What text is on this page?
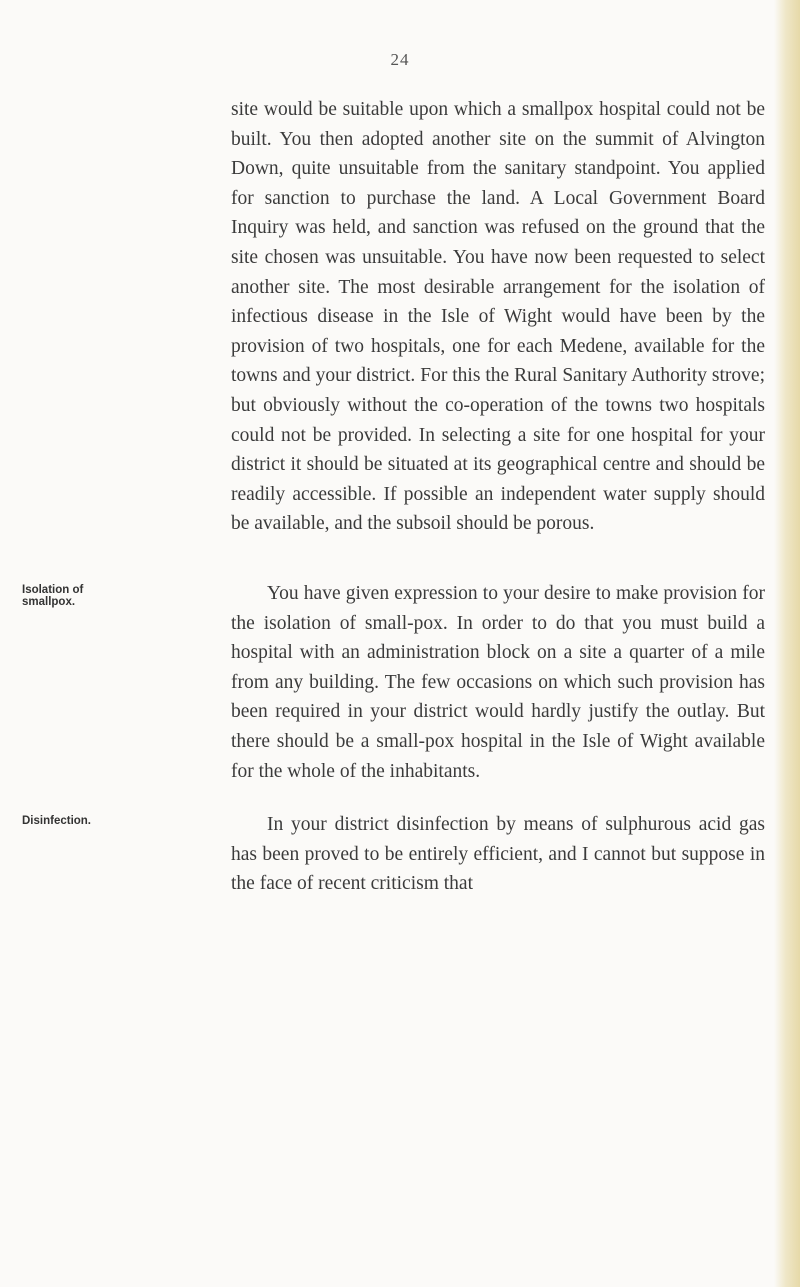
24

site would be suitable upon which a smallpox hospital could not be built. You then adopted another site on the summit of Alvington Down, quite unsuitable from the sanitary standpoint. You applied for sanction to purchase the land. A Local Government Board Inquiry was held, and sanction was refused on the ground that the site chosen was unsuitable. You have now been requested to select another site. The most desirable arrangement for the isolation of infectious disease in the Isle of Wight would have been by the provision of two hospitals, one for each Medene, available for the towns and your district. For this the Rural Sanitary Authority strove; but obviously without the co-operation of the towns two hospitals could not be provided. In selecting a site for one hospital for your district it should be situated at its geographical centre and should be readily accessible. If possible an independent water supply should be available, and the subsoil should be porous.

Isolation of smallpox.	You have given expression to your desire to make provision for the isolation of small-pox. In order to do that you must build a hospital with an administration block on a site a quarter of a mile from any building. The few occasions on which such provision has been required in your district would hardly justify the outlay. But there should be a small-pox hospital in the Isle of Wight available for the whole of the inhabitants.

Disinfection.	In your district disinfection by means of sulphurous acid gas has been proved to be entirely efficient, and I cannot but suppose in the face of recent criticism that
